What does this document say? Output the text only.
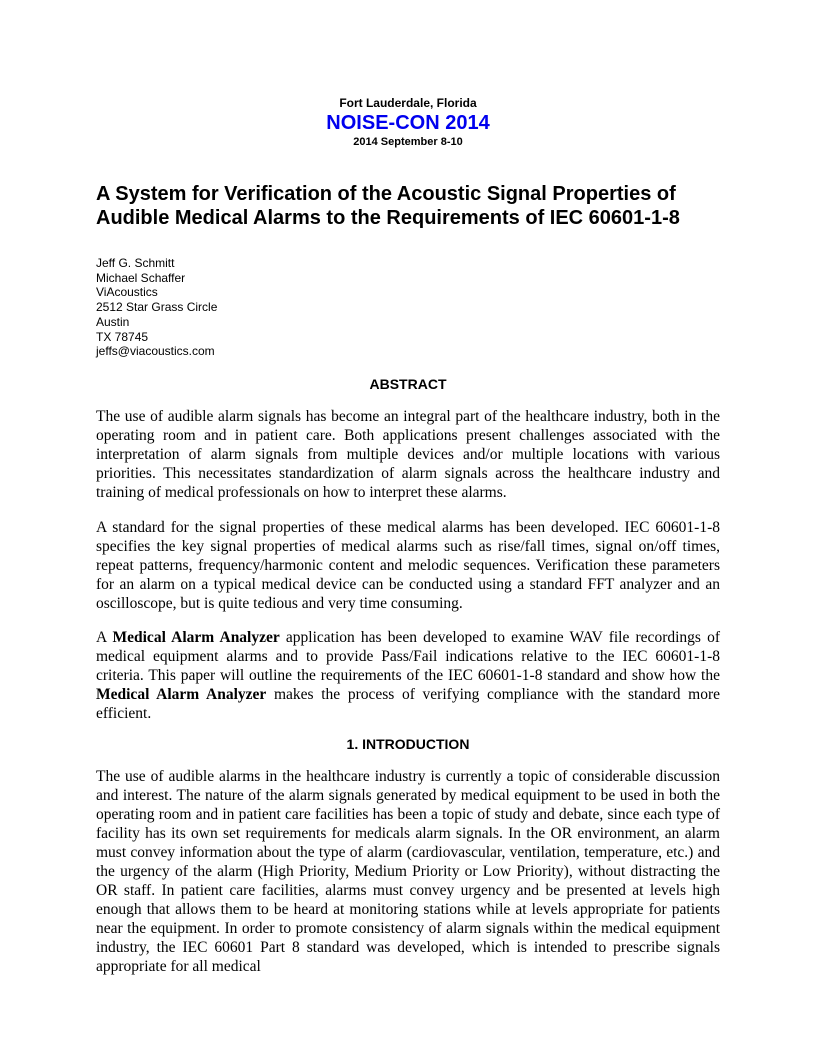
Fort Lauderdale, Florida
NOISE-CON 2014
2014 September 8-10
A System for Verification of the Acoustic Signal Properties of
Audible Medical Alarms to the Requirements of IEC 60601-1-8
Jeff G. Schmitt
Michael Schaffer
ViAcoustics
2512 Star Grass Circle
Austin
TX 78745
jeffs@viacoustics.com
ABSTRACT

The use of audible alarm signals has become an integral part of the healthcare industry, both in the operating room and in patient care. Both applications present challenges associated with the interpretation of alarm signals from multiple devices and/or multiple locations with various priorities. This necessitates standardization of alarm signals across the healthcare industry and training of medical professionals on how to interpret these alarms.

A standard for the signal properties of these medical alarms has been developed. IEC 60601-1-8 specifies the key signal properties of medical alarms such as rise/fall times, signal on/off times, repeat patterns, frequency/harmonic content and melodic sequences. Verification these parameters for an alarm on a typical medical device can be conducted using a standard FFT analyzer and an oscilloscope, but is quite tedious and very time consuming.

A Medical Alarm Analyzer application has been developed to examine WAV file recordings of medical equipment alarms and to provide Pass/Fail indications relative to the IEC 60601-1-8 criteria. This paper will outline the requirements of the IEC 60601-1-8 standard and show how the Medical Alarm Analyzer makes the process of verifying compliance with the standard more efficient.

1. INTRODUCTION

The use of audible alarms in the healthcare industry is currently a topic of considerable discussion and interest. The nature of the alarm signals generated by medical equipment to be used in both the operating room and in patient care facilities has been a topic of study and debate, since each type of facility has its own set requirements for medicals alarm signals. In the OR environment, an alarm must convey information about the type of alarm (cardiovascular, ventilation, temperature, etc.) and the urgency of the alarm (High Priority, Medium Priority or Low Priority), without distracting the OR staff. In patient care facilities, alarms must convey urgency and be presented at levels high enough that allows them to be heard at monitoring stations while at levels appropriate for patients near the equipment. In order to promote consistency of alarm signals within the medical equipment industry, the IEC 60601 Part 8 standard was developed, which is intended to prescribe signals appropriate for all medical
